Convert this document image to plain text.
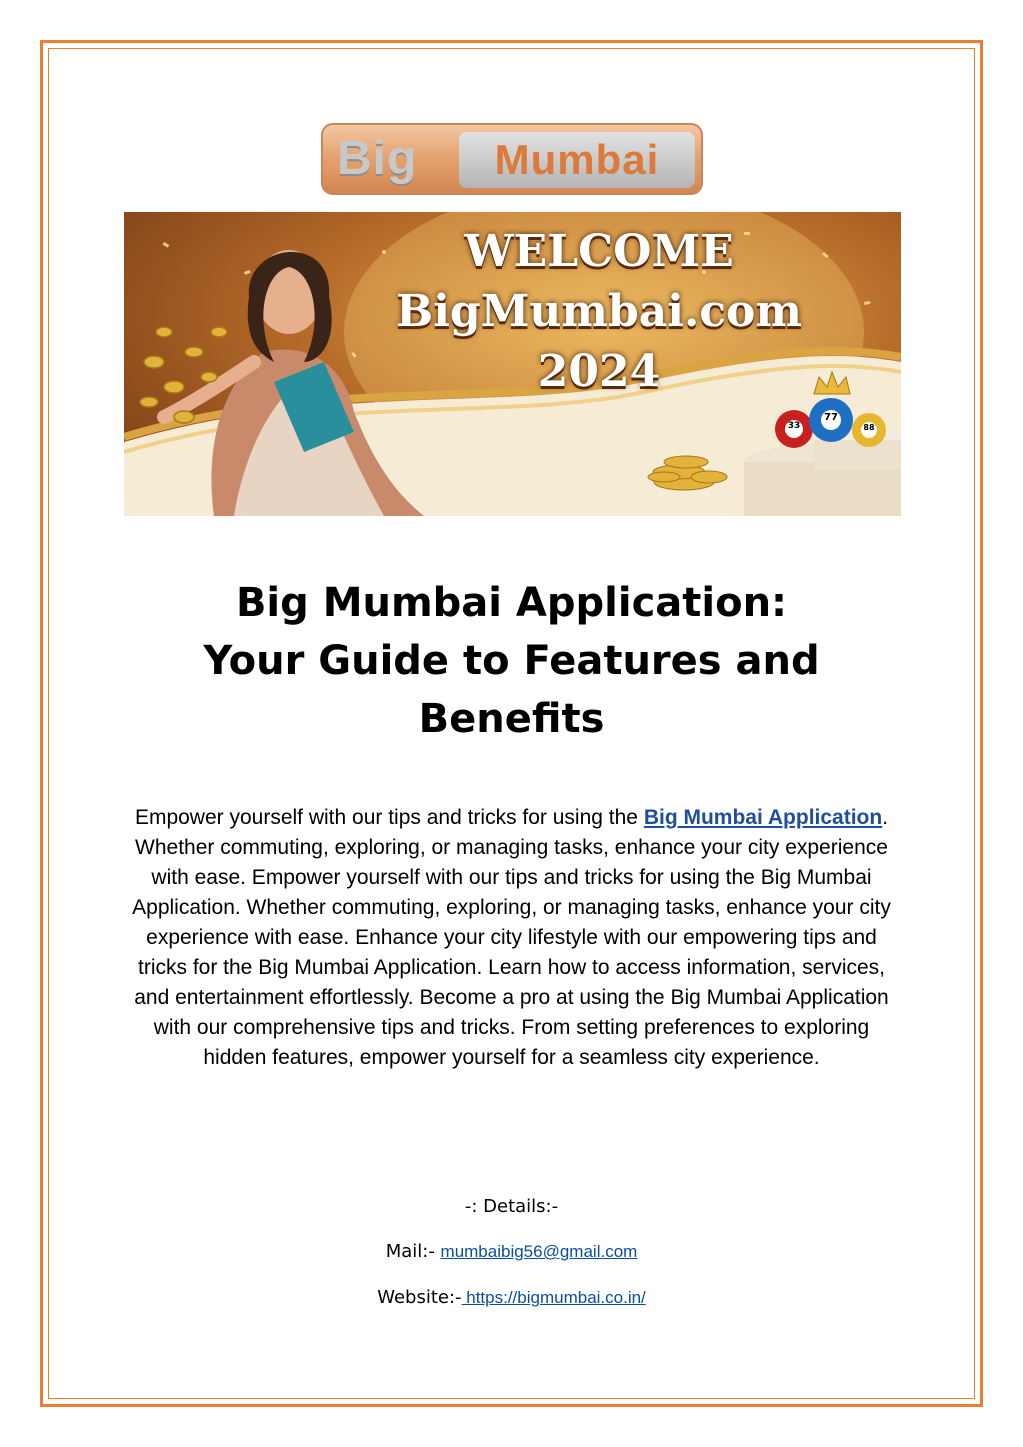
Big	Mumbai
WELCOME
BigMumbai.com
2024
33
77
88
Big Mumbai Application:
Your Guide to Features and
Benefits
Empower yourself with our tips and tricks for using the Big Mumbai Application. Whether commuting, exploring, or managing tasks, enhance your city experience with ease. Empower yourself with our tips and tricks for using the Big Mumbai Application. Whether commuting, exploring, or managing tasks, enhance your city experience with ease. Enhance your city lifestyle with our empowering tips and tricks for the Big Mumbai Application. Learn how to access information, services, and entertainment effortlessly. Become a pro at using the Big Mumbai Application with our comprehensive tips and tricks. From setting preferences to exploring hidden features, empower yourself for a seamless city experience.
-: Details:-
Mail:- mumbaibig56@gmail.com
Website:- https://bigmumbai.co.in/
